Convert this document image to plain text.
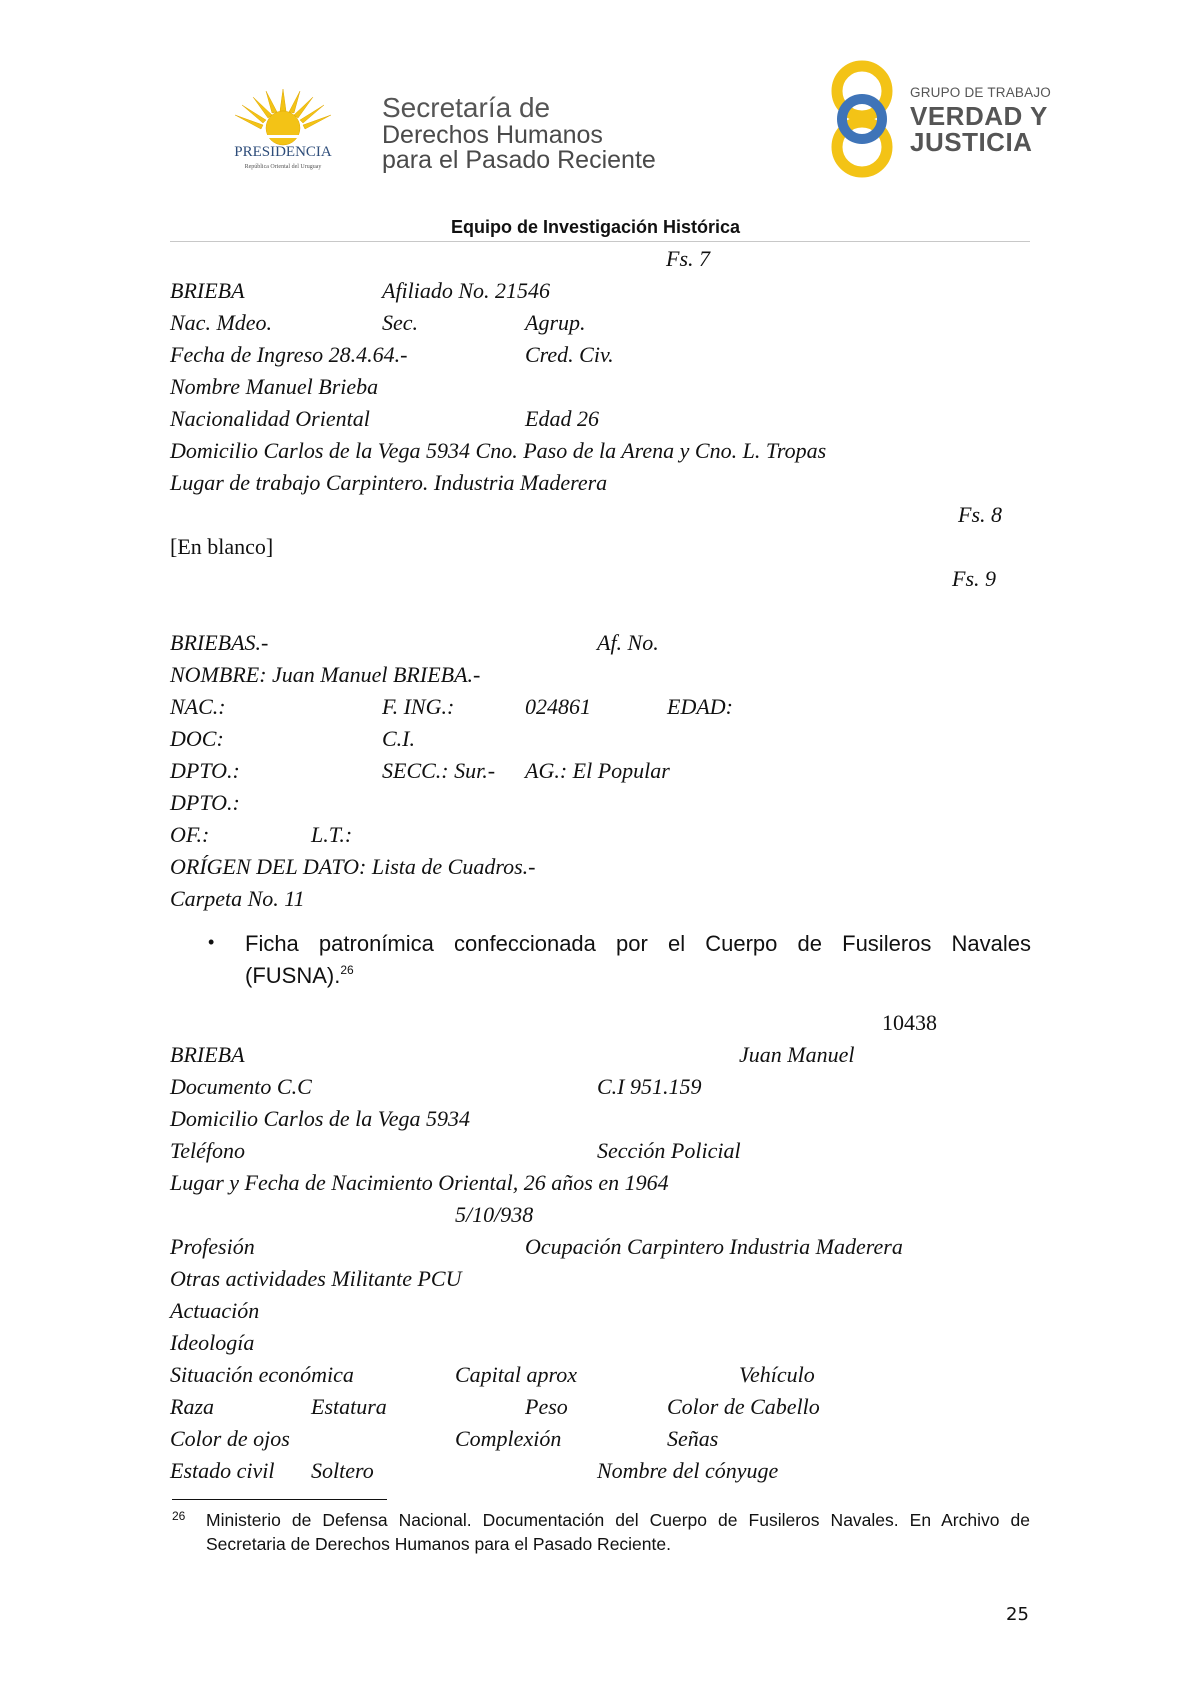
PRESIDENCIA
República Oriental del Uruguay
Secretaría de
Derechos Humanos
para el Pasado Reciente
GRUPO DE TRABAJO
VERDAD Y
JUSTICIA
Equipo de Investigación Histórica
Fs. 7
BRIEBA	Afiliado No. 21546
Nac. Mdeo.	Sec.	Agrup.
Fecha de Ingreso 28.4.64.-	Cred. Civ.
Nombre Manuel Brieba
Nacionalidad Oriental	Edad 26
Domicilio Carlos de la Vega 5934 Cno. Paso de la Arena y Cno. L. Tropas
Lugar de trabajo Carpintero. Industria Maderera
Fs. 8
[En blanco]
Fs. 9
BRIEBAS.-	Af. No.
NOMBRE: Juan Manuel BRIEBA.-
NAC.:	F. ING.:	024861	EDAD:
DOC:	C.I.
DPTO.:	SECC.: Sur.- AG.: El Popular
DPTO.:
OF.:	L.T.:
ORÍGEN DEL DATO: Lista de Cuadros.-
Carpeta No. 11
• Ficha patronímica confeccionada por el Cuerpo de Fusileros Navales (FUSNA).$^{26}$
10438
BRIEBA	Juan Manuel
Documento C.C	C.I 951.159
Domicilio Carlos de la Vega 5934
Teléfono	Sección Policial
Lugar y Fecha de Nacimiento Oriental, 26 años en 1964
5/10/938
Profesión	Ocupación Carpintero Industria Maderera
Otras actividades Militante PCU
Actuación
Ideología
Situación económica	Capital aprox	Vehículo
Raza	Estatura	Peso	Color de Cabello
Color de ojos	Complexión	Señas
Estado civil Soltero	Nombre del cónyuge
26 Ministerio de Defensa Nacional. Documentación del Cuerpo de Fusileros Navales. En Archivo de Secretaria de Derechos Humanos para el Pasado Reciente.
25
